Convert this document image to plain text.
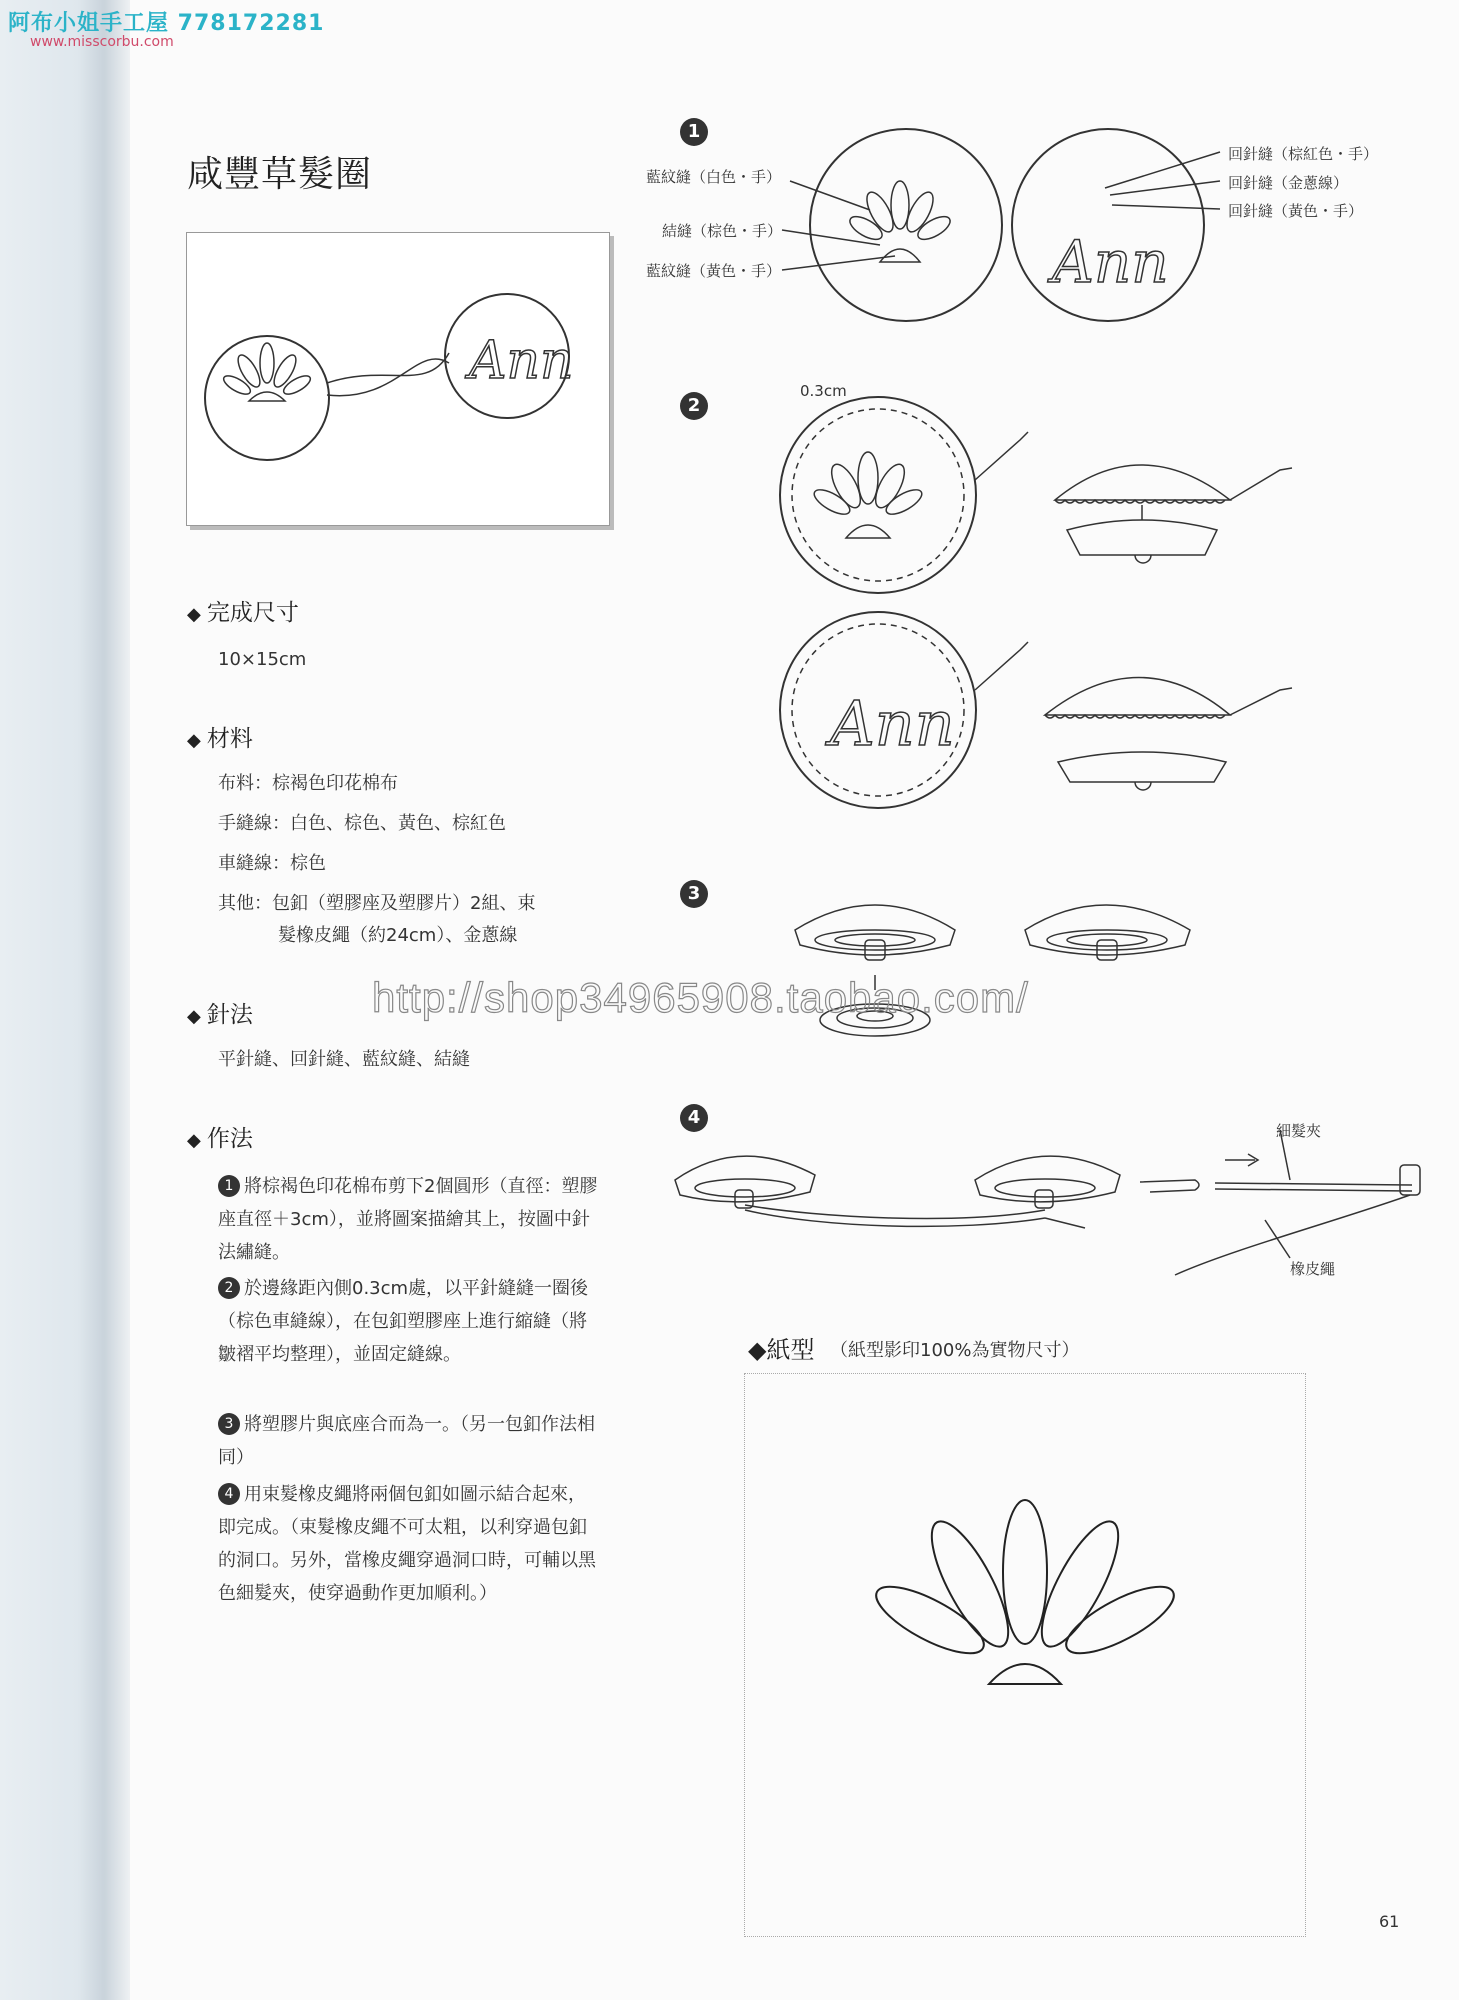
阿布小姐手工屋 778172281
www.misscorbu.com
咸豐草髮圈
Ann
◆ 完成尺寸
10×15cm
◆ 材料
布料：棕褐色印花棉布
手縫線：白色、棕色、黃色、棕紅色
車縫線：棕色
其他：包釦（塑膠座及塑膠片）2組、束
髮橡皮繩（約24cm）、金蔥線
◆ 針法
平針縫、回針縫、藍紋縫、結縫
◆ 作法
1 將棕褐色印花棉布剪下2個圓形（直徑：塑膠座直徑＋3cm），並將圖案描繪其上，按圖中針法繡縫。
2 於邊緣距內側0.3cm處，以平針縫縫一圈後（棕色車縫線），在包釦塑膠座上進行縮縫（將皺褶平均整理），並固定縫線。
3 將塑膠片與底座合而為一。（另一包釦作法相同）
4 用束髮橡皮繩將兩個包釦如圖示結合起來，即完成。（束髮橡皮繩不可太粗，以利穿過包釦的洞口。另外，當橡皮繩穿過洞口時，可輔以黑色細髮夾，使穿過動作更加順利。）
1
2
3
4
藍紋縫（白色・手）
結縫（棕色・手）
藍紋縫（黃色・手）
回針縫（棕紅色・手）
回針縫（金蔥線）
回針縫（黃色・手）
Ann
0.3cm
Ann
http://shop34965908.taobao.com/
細髮夾
橡皮繩
◆紙型 （紙型影印100%為實物尺寸）
61
